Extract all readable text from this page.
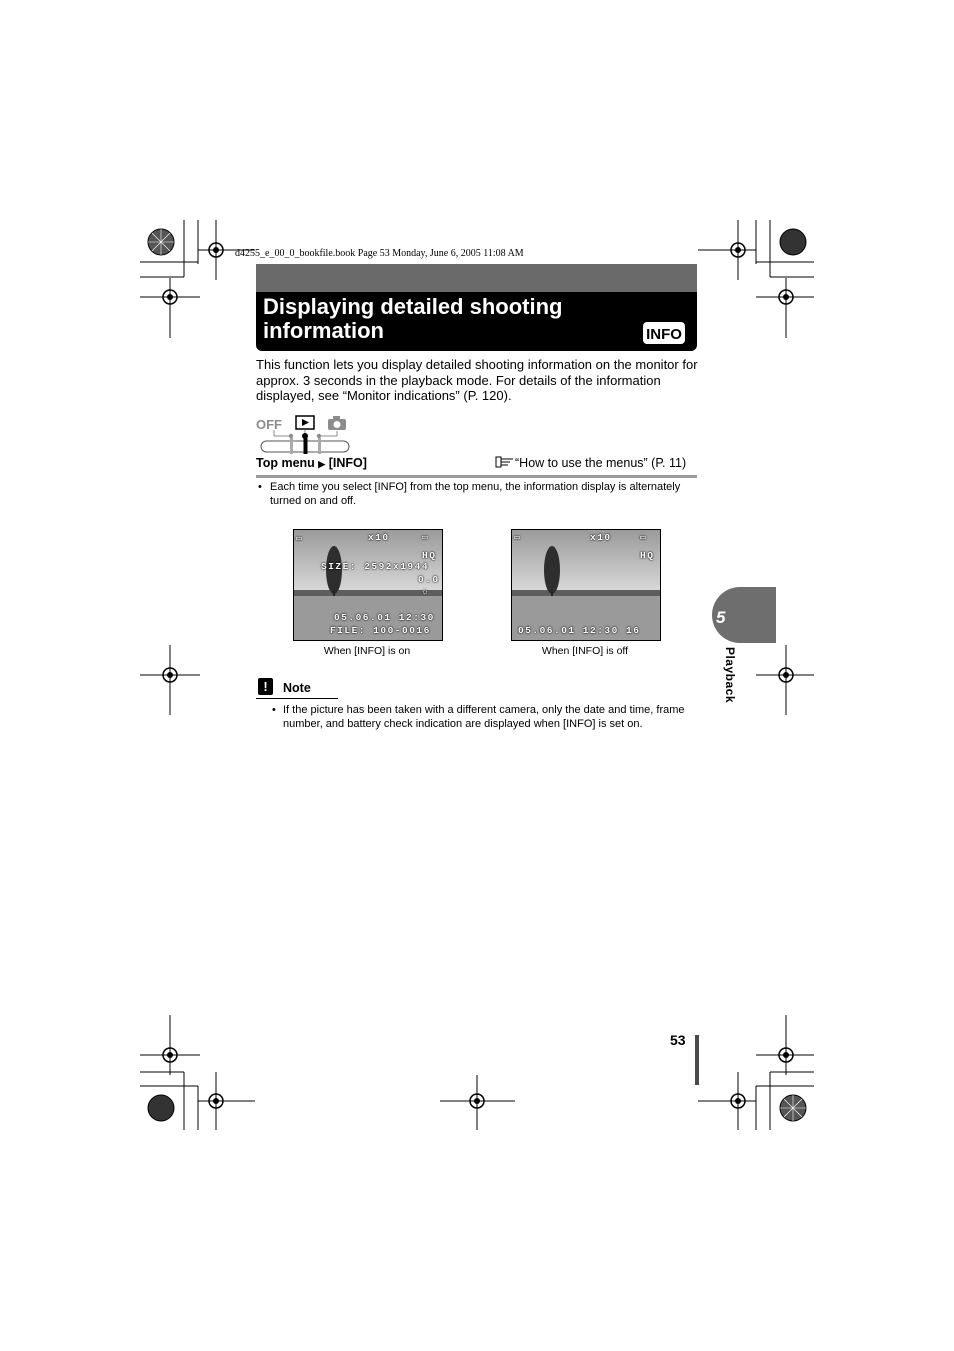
d4255_e_00_0_bookfile.book Page 53 Monday, June 6, 2005 11:08 AM
Displaying detailed shooting
information	INFO
This function lets you display detailed shooting information on the monitor for approx. 3 seconds in the playback mode. For details of the information displayed, see “Monitor indications” (P. 120).
OFF
Top menu ▶ [INFO]	“How to use the menus” (P. 11)
• Each time you select [INFO] from the top menu, the information display is alternately turned on and off.
▭	x10	▭
HQ
SIZE: 2592x1944
0.0
☼
05.06.01 12:30
FILE: 100-0016
When [INFO] is on
▭	x10	▭
HQ
05.06.01 12:30 16
When [INFO] is off
!	Note
• If the picture has been taken with a different camera, only the date and time, frame number, and battery check indication are displayed when [INFO] is set on.
5
Playback
53
